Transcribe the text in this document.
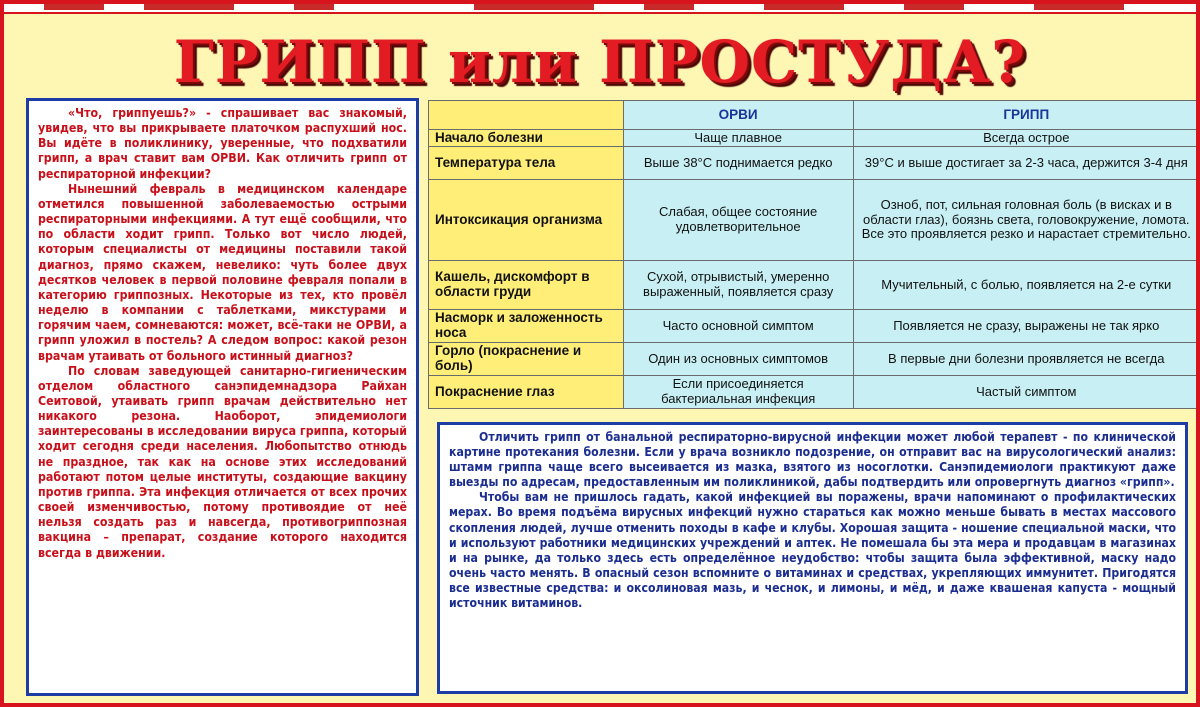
ГРИПП или ПРОСТУДА?

«Что, гриппуешь?» - спрашивает вас знакомый, увидев, что вы прикрываете платочком распухший нос. Вы идёте в поликлинику, уверенные, что подхватили грипп, а врач ставит вам ОРВИ. Как отличить грипп от респираторной инфекции?

Нынешний февраль в медицинском календаре отметился повышенной заболеваемостью острыми респираторными инфекциями. А тут ещё сообщили, что по области ходит грипп. Только вот число людей, которым специалисты от медицины поставили такой диагноз, прямо скажем, невелико: чуть более двух десятков человек в первой половине февраля попали в категорию гриппозных. Некоторые из тех, кто провёл неделю в компании с таблетками, микстурами и горячим чаем, сомневаются: может, всё-таки не ОРВИ, а грипп уложил в постель? А следом вопрос: какой резон врачам утаивать от больного истинный диагноз?

По словам заведующей санитарно-гигиеническим отделом областного санэпидемнадзора Райхан Сеитовой, утаивать грипп врачам действительно нет никакого резона. Наоборот, эпидемиологи заинтересованы в исследовании вируса гриппа, который ходит сегодня среди населения. Любопытство отнюдь не праздное, так как на основе этих исследований работают потом целые институты, создающие вакцину против гриппа. Эта инфекция отличается от всех прочих своей изменчивостью, потому противоядие от неё нельзя создать раз и навсегда, противогриппозная вакцина – препарат, создание которого находится всегда в движении.

	ОРВИ	ГРИПП
Начало болезни	Чаще плавное	Всегда острое
Температура тела	Выше 38°С поднимается редко	39°С и выше достигает за 2-3 часа, держится 3-4 дня
Интоксикация организма	Слабая, общее состояние удовлетворительное	Озноб, пот, сильная головная боль (в висках и в области глаз), боязнь света, головокружение, ломота. Все это проявляется резко и нарастает стремительно.
Кашель, дискомфорт в области груди	Сухой, отрывистый, умеренно выраженный, появляется сразу	Мучительный, с болью, появляется на 2-е сутки
Насморк и заложенность носа	Часто основной симптом	Появляется не сразу, выражены не так ярко
Горло (покраснение и боль)	Один из основных симптомов	В первые дни болезни проявляется не всегда
Покраснение глаз	Если присоединяется бактериальная инфекция	Частый симптом

Отличить грипп от банальной респираторно-вирусной инфекции может любой терапевт - по клинической картине протекания болезни. Если у врача возникло подозрение, он отправит вас на вирусологический анализ: штамм гриппа чаще всего высеивается из мазка, взятого из носоглотки. Санэпидемиологи практикуют даже выезды по адресам, предоставленным им поликлиникой, дабы подтвердить или опровергнуть диагноз «грипп».

Чтобы вам не пришлось гадать, какой инфекцией вы поражены, врачи напоминают о профилактических мерах. Во время подъёма вирусных инфекций нужно стараться как можно меньше бывать в местах массового скопления людей, лучше отменить походы в кафе и клубы. Хорошая защита - ношение специальной маски, что и используют работники медицинских учреждений и аптек. Не помешала бы эта мера и продавцам в магазинах и на рынке, да только здесь есть определённое неудобство: чтобы защита была эффективной, маску надо очень часто менять. В опасный сезон вспомните о витаминах и средствах, укрепляющих иммунитет. Пригодятся все известные средства: и оксолиновая мазь, и чеснок, и лимоны, и мёд, и даже квашеная капуста - мощный источник витаминов.
